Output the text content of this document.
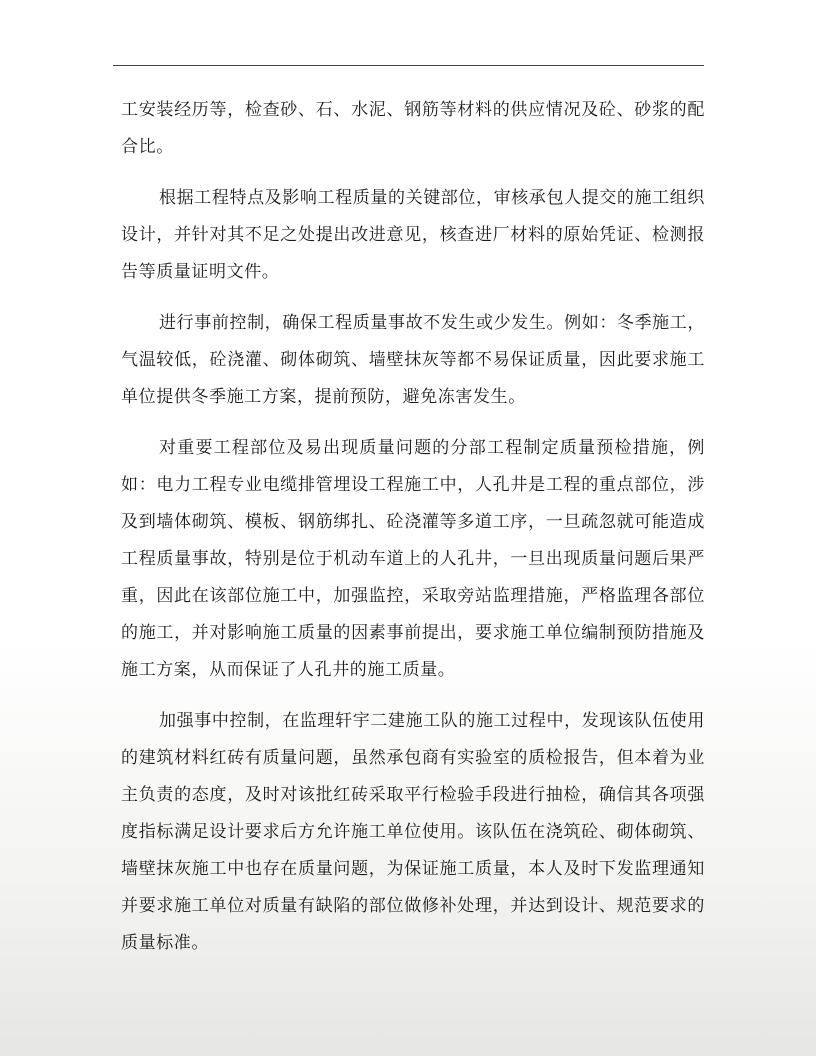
工安装经历等，检查砂、石、水泥、钢筋等材料的供应情况及砼、砂浆的配合比。

根据工程特点及影响工程质量的关键部位，审核承包人提交的施工组织设计，并针对其不足之处提出改进意见，核查进厂材料的原始凭证、检测报告等质量证明文件。

进行事前控制，确保工程质量事故不发生或少发生。例如：冬季施工，气温较低，砼浇灌、砌体砌筑、墙壁抹灰等都不易保证质量，因此要求施工单位提供冬季施工方案，提前预防，避免冻害发生。

对重要工程部位及易出现质量问题的分部工程制定质量预检措施，例如：电力工程专业电缆排管埋设工程施工中，人孔井是工程的重点部位，涉及到墙体砌筑、模板、钢筋绑扎、砼浇灌等多道工序，一旦疏忽就可能造成工程质量事故，特别是位于机动车道上的人孔井，一旦出现质量问题后果严重，因此在该部位施工中，加强监控，采取旁站监理措施，严格监理各部位的施工，并对影响施工质量的因素事前提出，要求施工单位编制预防措施及施工方案，从而保证了人孔井的施工质量。

加强事中控制，在监理轩宇二建施工队的施工过程中，发现该队伍使用的建筑材料红砖有质量问题，虽然承包商有实验室的质检报告，但本着为业主负责的态度，及时对该批红砖采取平行检验手段进行抽检，确信其各项强度指标满足设计要求后方允许施工单位使用。该队伍在浇筑砼、砌体砌筑、墙壁抹灰施工中也存在质量问题，为保证施工质量，本人及时下发监理通知并要求施工单位对质量有缺陷的部位做修补处理，并达到设计、规范要求的质量标准。
